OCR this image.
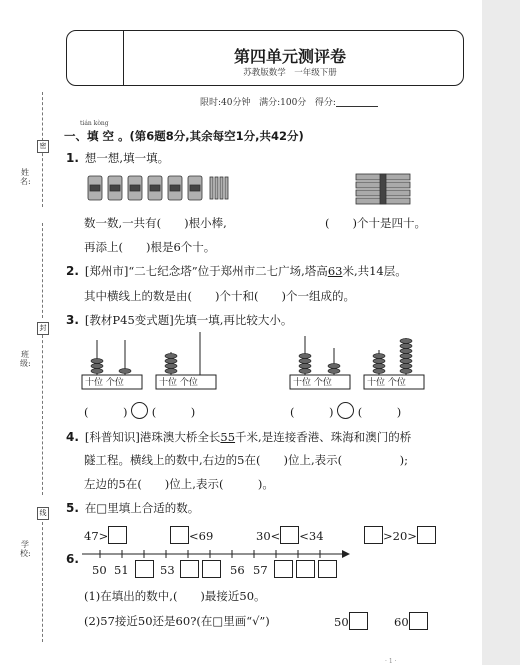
密
封
线
姓　名:
班　级:
学　校:
第四单元测评卷
苏教版数学　一年级下册
限时:40分钟 满分:100分 得分:
tián kòng
一、填 空 。(第6题8分,其余每空1分,共42分)
1. 想一想,填一填。
数一数,一共有(　　)根小棒,	(　　)个十是四十。
再添上(　　)根是6个十。
2. [郑州市]“二七纪念塔”位于郑州市二七广场,塔高63米,共14层。
其中横线上的数是由(　　)个十和(　　)个一组成的。
3. [教材P45变式题]先填一填,再比较大小。
十位 个位	十位 个位	十位 个位	十位 个位
(　　　) (　　　)	(　　　) (　　　)
4. [科普知识]港珠澳大桥全长55千米,是连接香港、珠海和澳门的桥
隧工程。横线上的数中,右边的5在(　　)位上,表示(　　　　　);
左边的5在(　　)位上,表示(　　　)。
5. 在□里填上合适的数。
47>	<69	30< <34	>20>
6.
50 51	53	56 57
(1)在填出的数中,(　　)最接近50。
(2)57接近50还是60?(在□里画“√”)	50	60
· 1 ·
